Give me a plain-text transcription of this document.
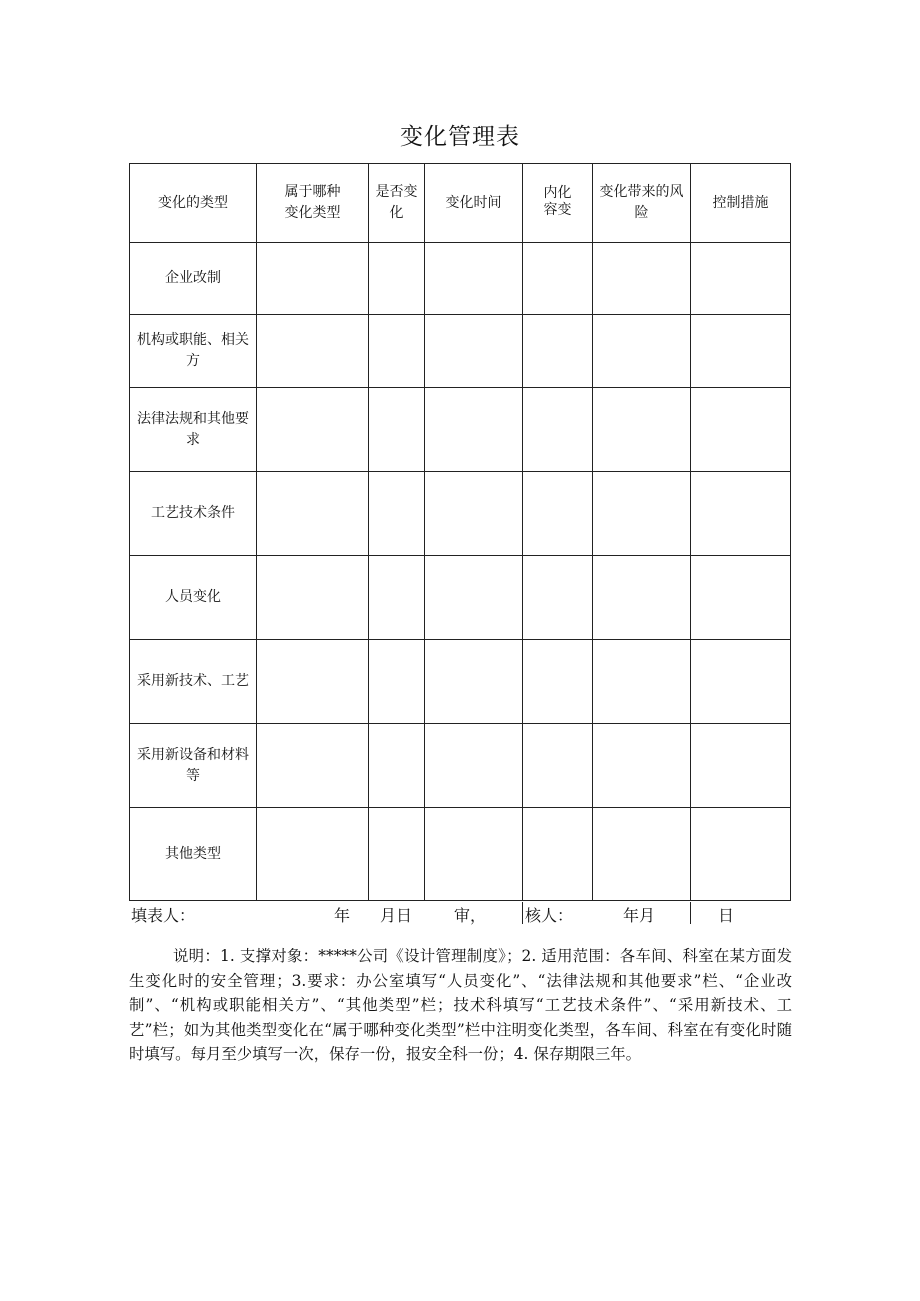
变化管理表
变化的类型	属于哪种变化类型	是否变化	变化时间	内化容变	变化带来的风险	控制措施
企业改制						
机构或职能、相关方						
法律法规和其他要求						
工艺技术条件						
人员变化						
采用新技术、工艺						
采用新设备和材料等						
其他类型						
填表人：	年 月日	审， 核人：	年月	日

说明：1. 支撑对象：*****公司《设计管理制度》；2. 适用范围：各车间、科室在某方面发生变化时的安全管理；3.要求：办公室填写“人员变化”、“法律法规和其他要求”栏、“企业改制”、“机构或职能相关方”、“其他类型”栏；技术科填写“工艺技术条件”、“采用新技术、工艺”栏；如为其他类型变化在“属于哪种变化类型”栏中注明变化类型，各车间、科室在有变化时随时填写。每月至少填写一次，保存一份，报安全科一份；4. 保存期限三年。
